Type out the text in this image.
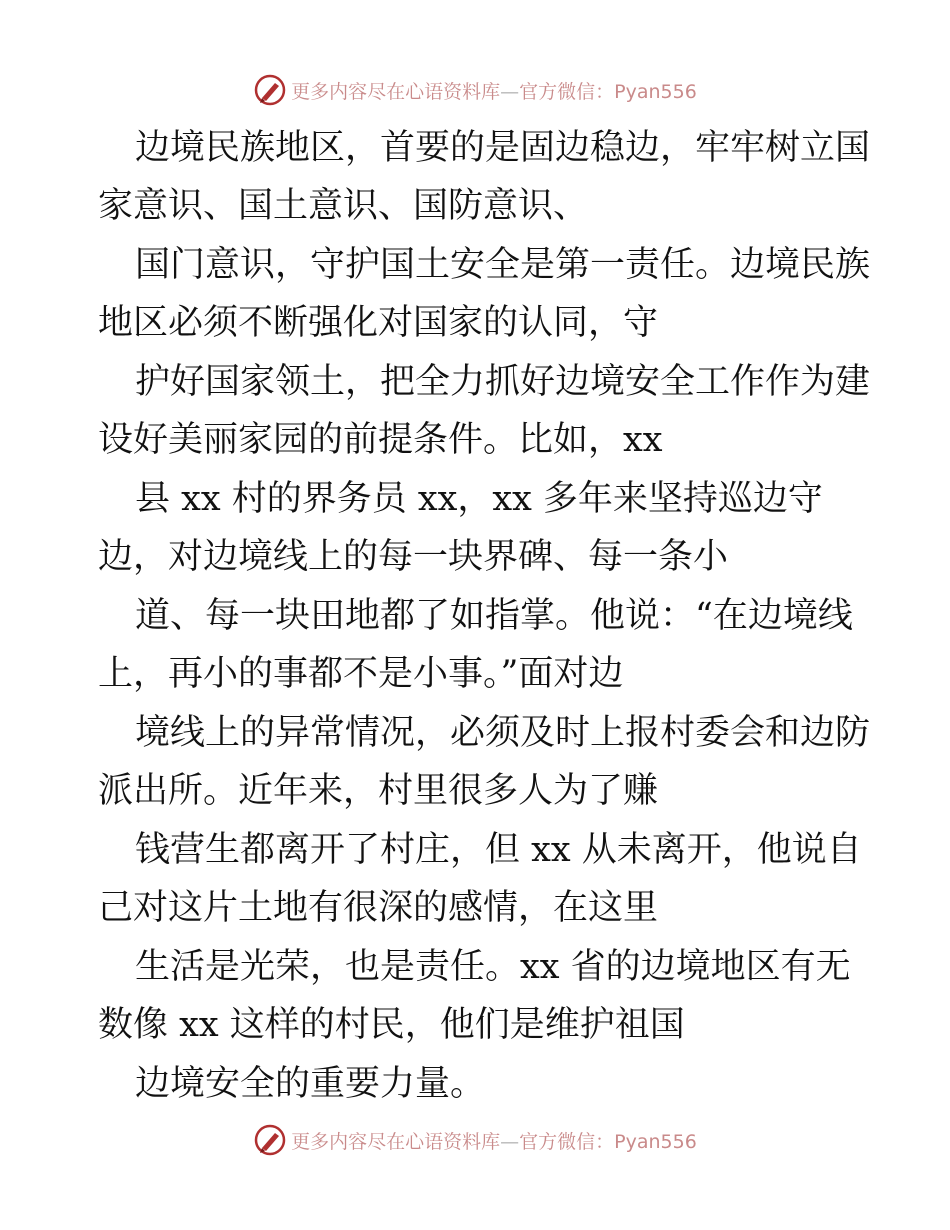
更多内容尽在心语资料库—官方微信：Pyan556
边境民族地区，首要的是固边稳边，牢牢树立国
家意识、国土意识、国防意识、
国门意识，守护国土安全是第一责任。边境民族
地区必须不断强化对国家的认同，守
护好国家领土，把全力抓好边境安全工作作为建
设好美丽家园的前提条件。比如，xx
县 xx 村的界务员 xx，xx 多年来坚持巡边守
边，对边境线上的每一块界碑、每一条小
道、每一块田地都了如指掌。他说：“在边境线
上，再小的事都不是小事。”面对边
境线上的异常情况，必须及时上报村委会和边防
派出所。近年来，村里很多人为了赚
钱营生都离开了村庄，但 xx 从未离开，他说自
己对这片土地有很深的感情，在这里
生活是光荣，也是责任。xx 省的边境地区有无
数像 xx 这样的村民，他们是维护祖国
边境安全的重要力量。
更多内容尽在心语资料库—官方微信：Pyan556
